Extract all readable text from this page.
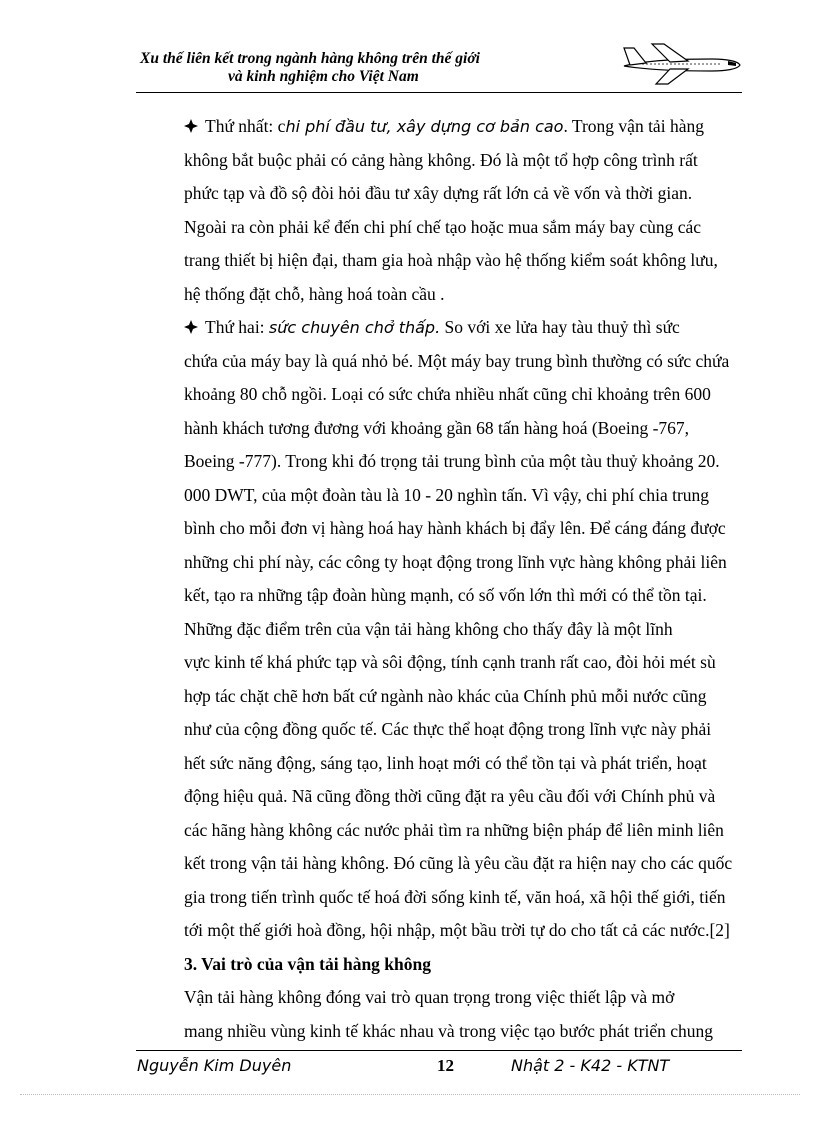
Xu thế liên kết trong ngành hàng không trên thế giới
và kinh nghiệm cho Việt Nam

Thứ nhất: chi phí đầu tư, xây dựng cơ bản cao. Trong vận tải hàng
không bắt buộc phải có cảng hàng không. Đó là một tổ hợp công trình rất
phức tạp và đồ sộ đòi hỏi đầu tư xây dựng rất lớn cả về vốn và thời gian.
Ngoài ra còn phải kể đến chi phí chế tạo hoặc mua sắm máy bay cùng các
trang thiết bị hiện đại, tham gia hoà nhập vào hệ thống kiểm soát không lưu,
hệ thống đặt chỗ, hàng hoá toàn cầu .

Thứ hai: sức chuyên chở thấp. So với xe lửa hay tàu thuỷ thì sức
chứa của máy bay là quá nhỏ bé. Một máy bay trung bình thường có sức chứa
khoảng 80 chỗ ngồi. Loại có sức chứa nhiều nhất cũng chỉ khoảng trên 600
hành khách tương đương với khoảng gần 68 tấn hàng hoá (Boeing -767,
Boeing -777). Trong khi đó trọng tải trung bình của một tàu thuỷ khoảng 20.
000 DWT, của một đoàn tàu là 10 - 20 nghìn tấn. Vì vậy, chi phí chia trung
bình cho mỗi đơn vị hàng hoá hay hành khách bị đẩy lên. Để cáng đáng được
những chi phí này, các công ty hoạt động trong lĩnh vực hàng không phải liên
kết, tạo ra những tập đoàn hùng mạnh, có số vốn lớn thì mới có thể tồn tại.

Những đặc điểm trên của vận tải hàng không cho thấy đây là một lĩnh
vực kinh tế khá phức tạp và sôi động, tính cạnh tranh rất cao, đòi hỏi mét sù
hợp tác chặt chẽ hơn bất cứ ngành nào khác của Chính phủ mỗi nước cũng
như của cộng đồng quốc tế. Các thực thể hoạt động trong lĩnh vực này phải
hết sức năng động, sáng tạo, linh hoạt mới có thể tồn tại và phát triển, hoạt
động hiệu quả. Nã cũng đồng thời cũng đặt ra yêu cầu đối với Chính phủ và
các hãng hàng không các nước phải tìm ra những biện pháp để liên minh liên
kết trong vận tải hàng không. Đó cũng là yêu cầu đặt ra hiện nay cho các quốc
gia trong tiến trình quốc tế hoá đời sống kinh tế, văn hoá, xã hội thế giới, tiến
tới một thế giới hoà đồng, hội nhập, một bầu trời tự do cho tất cả các nước.[2]

3. Vai trò của vận tải hàng không

Vận tải hàng không đóng vai trò quan trọng trong việc thiết lập và mở
mang nhiều vùng kinh tế khác nhau và trong việc tạo bước phát triển chung

Nguyễn Kim Duyên	12	Nhật 2 - K42 - KTNT
